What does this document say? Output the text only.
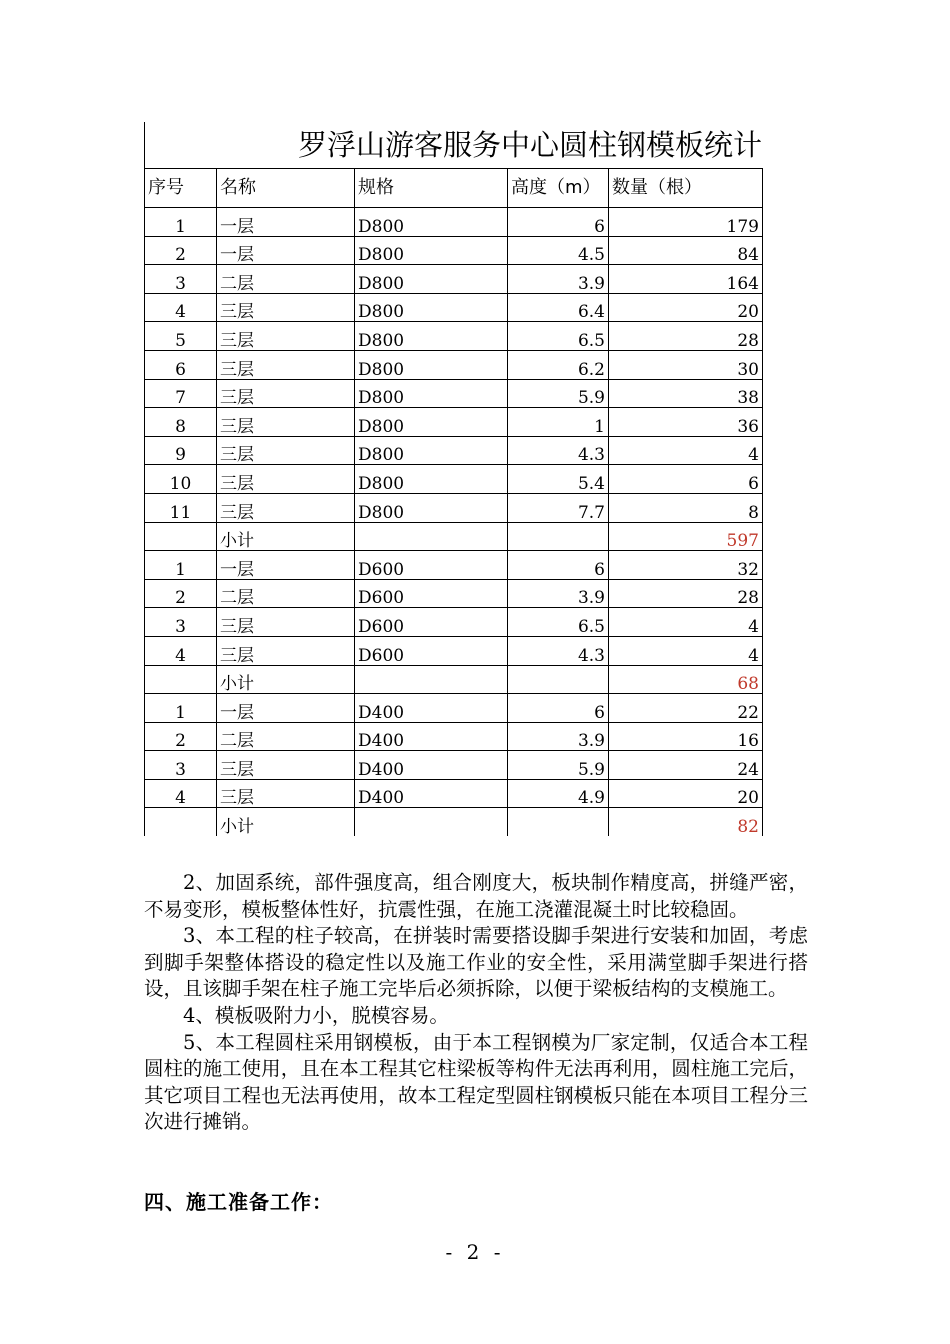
罗浮山游客服务中心圆柱钢模板统计
序号	名称	规格	高度（m）	数量（根）
1	一层	D800	6	179
2	一层	D800	4.5	84
3	二层	D800	3.9	164
4	三层	D800	6.4	20
5	三层	D800	6.5	28
6	三层	D800	6.2	30
7	三层	D800	5.9	38
8	三层	D800	1	36
9	三层	D800	4.3	4
10	三层	D800	5.4	6
11	三层	D800	7.7	8
	小计			597
1	一层	D600	6	32
2	二层	D600	3.9	28
3	三层	D600	6.5	4
4	三层	D600	4.3	4
	小计			68
1	一层	D400	6	22
2	二层	D400	3.9	16
3	三层	D400	5.9	24
4	三层	D400	4.9	20
	小计			82

2、加固系统，部件强度高，组合刚度大，板块制作精度高，拼缝严密，不易变形，模板整体性好，抗震性强，在施工浇灌混凝土时比较稳固。

3、本工程的柱子较高，在拼装时需要搭设脚手架进行安装和加固，考虑到脚手架整体搭设的稳定性以及施工作业的安全性，采用满堂脚手架进行搭设，且该脚手架在柱子施工完毕后必须拆除，以便于梁板结构的支模施工。

4、模板吸附力小，脱模容易。

5、本工程圆柱采用钢模板，由于本工程钢模为厂家定制，仅适合本工程圆柱的施工使用，且在本工程其它柱梁板等构件无法再利用，圆柱施工完后，其它项目工程也无法再使用，故本工程定型圆柱钢模板只能在本项目工程分三次进行摊销。

四、施工准备工作：
- 2 -
